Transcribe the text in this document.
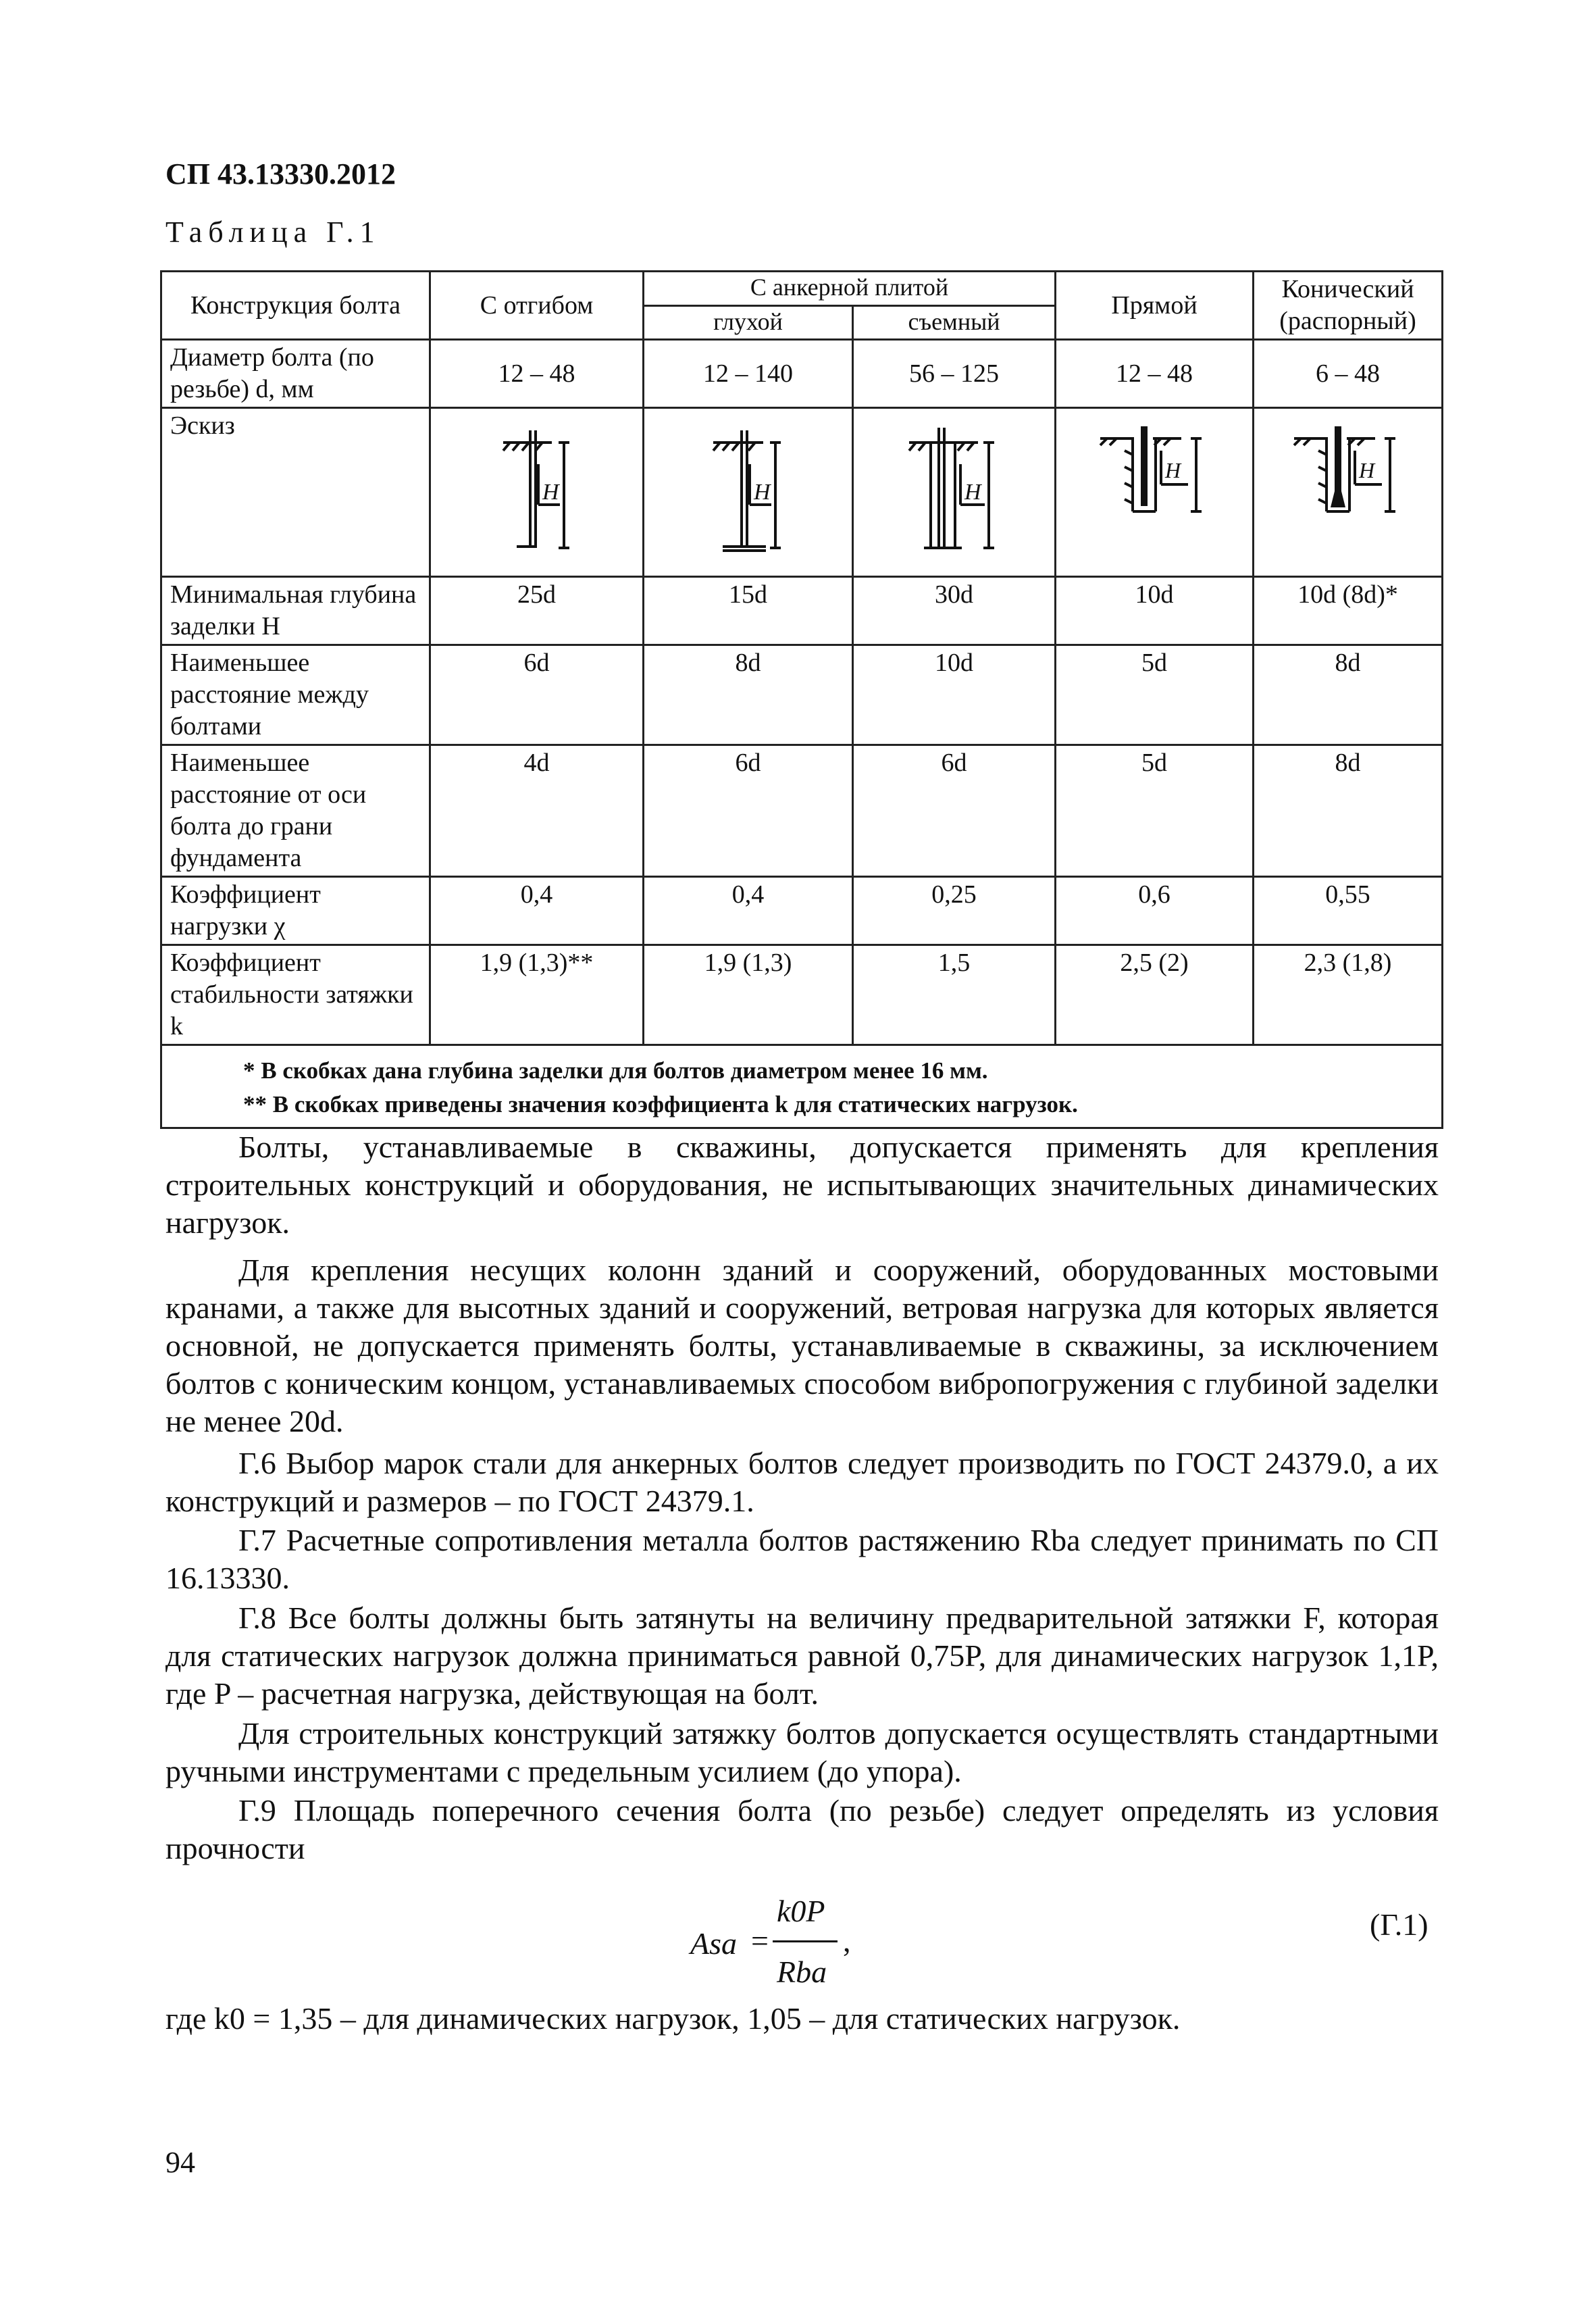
СП 43.13330.2012
Таблица Г.1
Конструкция болта	С отгибом	С анкерной плитой		Прямой	Конический
(распорный)

		глухой	съемный		
Диаметр болта (по резьбе) d, мм	12 – 48	12 – 140	56 – 125	12 – 48	6 – 48
Эскиз	H	H	H	H	H

Минимальная глубина заделки H	25d	15d	30d	10d	10d (8d)*
Наименьшее расстояние между болтами	6d	8d	10d	5d	8d
Наименьшее расстояние от оси болта до грани фундамента	4d	6d	6d	5d	8d
Коэффициент нагрузки χ	0,4	0,4	0,25	0,6	0,55
Коэффициент стабильности затяжки k	1,9 (1,3)**	1,9 (1,3)	1,5	2,5 (2)	2,3 (1,8)

* В скобках дана глубина заделки для болтов диаметром менее 16 мм.
** В скобках приведены значения коэффициента k для статических нагрузок.					
Болты, устанавливаемые в скважины, допускается применять для крепления строительных конструкций и оборудования, не испытывающих значительных динамических нагрузок.
Для крепления несущих колонн зданий и сооружений, оборудованных мостовыми кранами, а также для высотных зданий и сооружений, ветровая нагрузка для которых является основной, не допускается применять болты, устанавливаемые в скважины, за исключением болтов с коническим концом, устанавливаемых способом вибропогружения с глубиной заделки не менее 20d.
Г.6 Выбор марок стали для анкерных болтов следует производить по ГОСТ 24379.0, а их конструкций и размеров – по ГОСТ 24379.1.
Г.7 Расчетные сопротивления металла болтов растяжению Rba следует принимать по СП 16.13330.
Г.8 Все болты должны быть затянуты на величину предварительной затяжки F, которая для статических нагрузок должна приниматься равной 0,75P, для динамических нагрузок 1,1P, где P – расчетная нагрузка, действующая на болт.
Для строительных конструкций затяжку болтов допускается осуществлять стандартными ручными инструментами с предельным усилием (до упора).
Г.9 Площадь поперечного сечения болта (по резьбе) следует определять из условия прочности
Asa =
k0P
Rba
,	(Г.1)
где k0 = 1,35 – для динамических нагрузок, 1,05 – для статических нагрузок.
94
